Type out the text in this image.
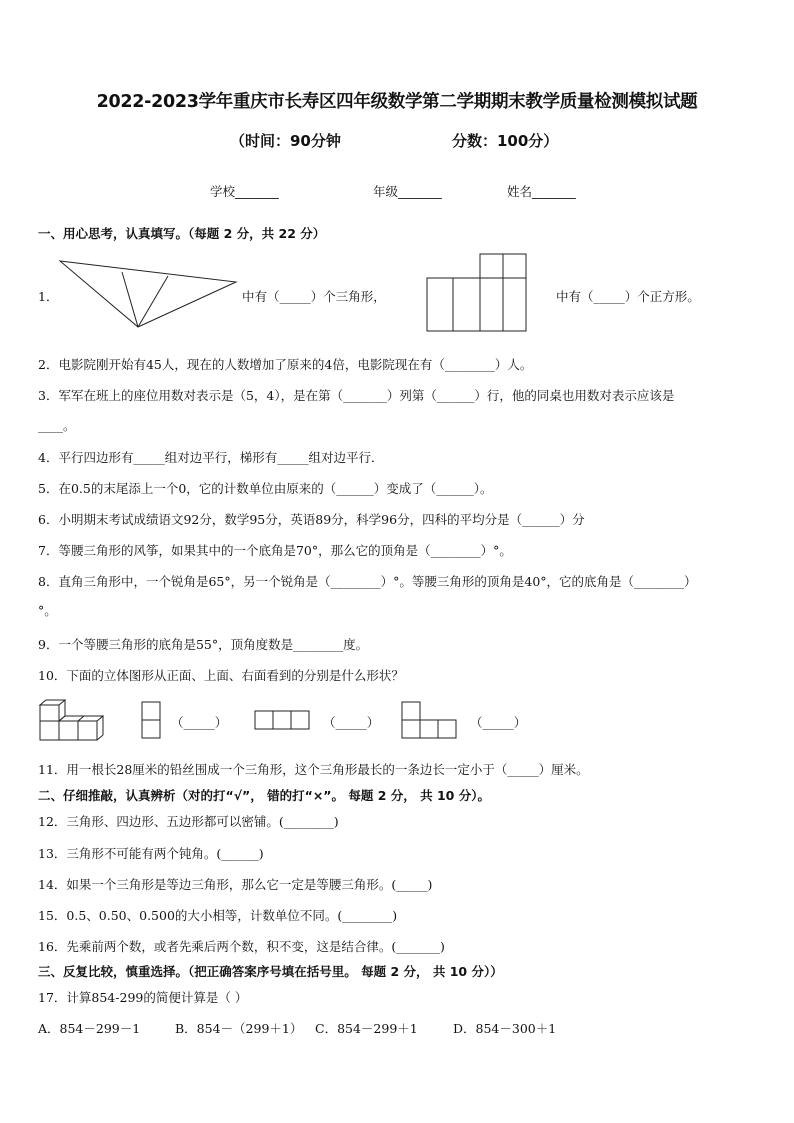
2022-2023学年重庆市长寿区四年级数学第二学期期末教学质量检测模拟试题
（时间：90分钟	分数：100分）
学校_______	年级_______	姓名_______
一、用心思考，认真填写。（每题 2 分，共 22 分）
1．	中有（_____）个三角形，	中有（_____）个正方形。
2．电影院刚开始有45人，现在的人数增加了原来的4倍，电影院现在有（________）人。
3．军军在班上的座位用数对表示是（5，4），是在第（_______）列第（______）行，他的同桌也用数对表示应该是
____。
4．平行四边形有_____组对边平行，梯形有_____组对边平行．
5．在0.5的末尾添上一个0，它的计数单位由原来的（______）变成了（______）。
6．小明期末考试成绩语文92分，数学95分，英语89分，科学96分，四科的平均分是（______）分
7．等腰三角形的风筝，如果其中的一个底角是70°，那么它的顶角是（________）°。
8．直角三角形中，一个锐角是65°，另一个锐角是（________）°。等腰三角形的顶角是40°，它的底角是（________）
°。
9．一个等腰三角形的底角是55°，顶角度数是________度。
10．下面的立体图形从正面、上面、右面看到的分别是什么形状？
（_____）	（_____）	（_____）
11．用一根长28厘米的铅丝围成一个三角形，这个三角形最长的一条边长一定小于（_____）厘米。
二、仔细推敲，认真辨析（对的打“√”， 错的打“×”。 每题 2 分， 共 10 分）。
12．三角形、四边形、五边形都可以密铺。(________)
13．三角形不可能有两个钝角。(______)
14．如果一个三角形是等边三角形，那么它一定是等腰三角形。(_____)
15．0.5、0.50、0.500的大小相等，计数单位不同。(________)
16．先乘前两个数，或者先乘后两个数，积不变，这是结合律。(_______)
三、反复比较，慎重选择。（把正确答案序号填在括号里。 每题 2 分， 共 10 分））
17．计算854-299的简便计算是（ ）
A．854－299－1	B．854－（299＋1） C．854－299＋1	D．854－300＋1
